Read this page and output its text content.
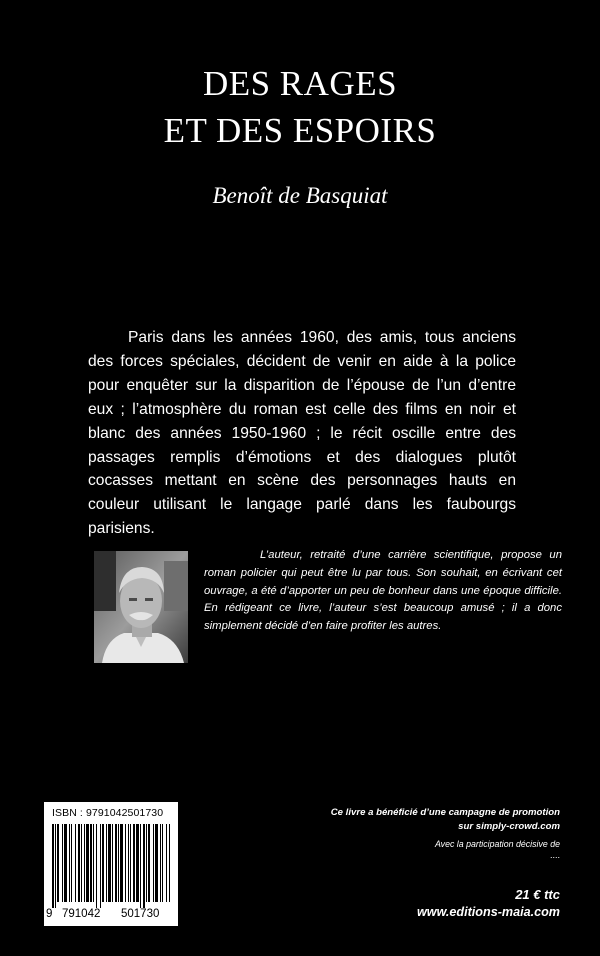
DES RAGES
ET DES ESPOIRS
Benoît de Basquiat

Paris dans les années 1960, des amis, tous anciens des forces spéciales, décident de venir en aide à la police pour enquêter sur la disparition de l’épouse de l’un d’entre eux ; l’atmosphère du roman est celle des films en noir et blanc des années 1950-1960 ; le récit oscille entre des passages remplis d’émotions et des dialogues plutôt cocasses mettant en scène des personnages hauts en couleur utilisant le langage parlé dans les faubourgs parisiens.

L’auteur, retraité d’une carrière scientifique, propose un roman policier qui peut être lu par tous. Son souhait, en écrivant cet ouvrage, a été d’apporter un peu de bonheur dans une époque difficile. En rédigeant ce livre, l’auteur s’est beaucoup amusé ; il a donc simplement décidé d’en faire profiter les autres.

ISBN : 9791042501730
9 791042 501730
Ce livre a bénéficié d’une campagne de promotion
sur simply-crowd.com
Avec la participation décisive de
....
21 € ttc
www.editions-maia.com
